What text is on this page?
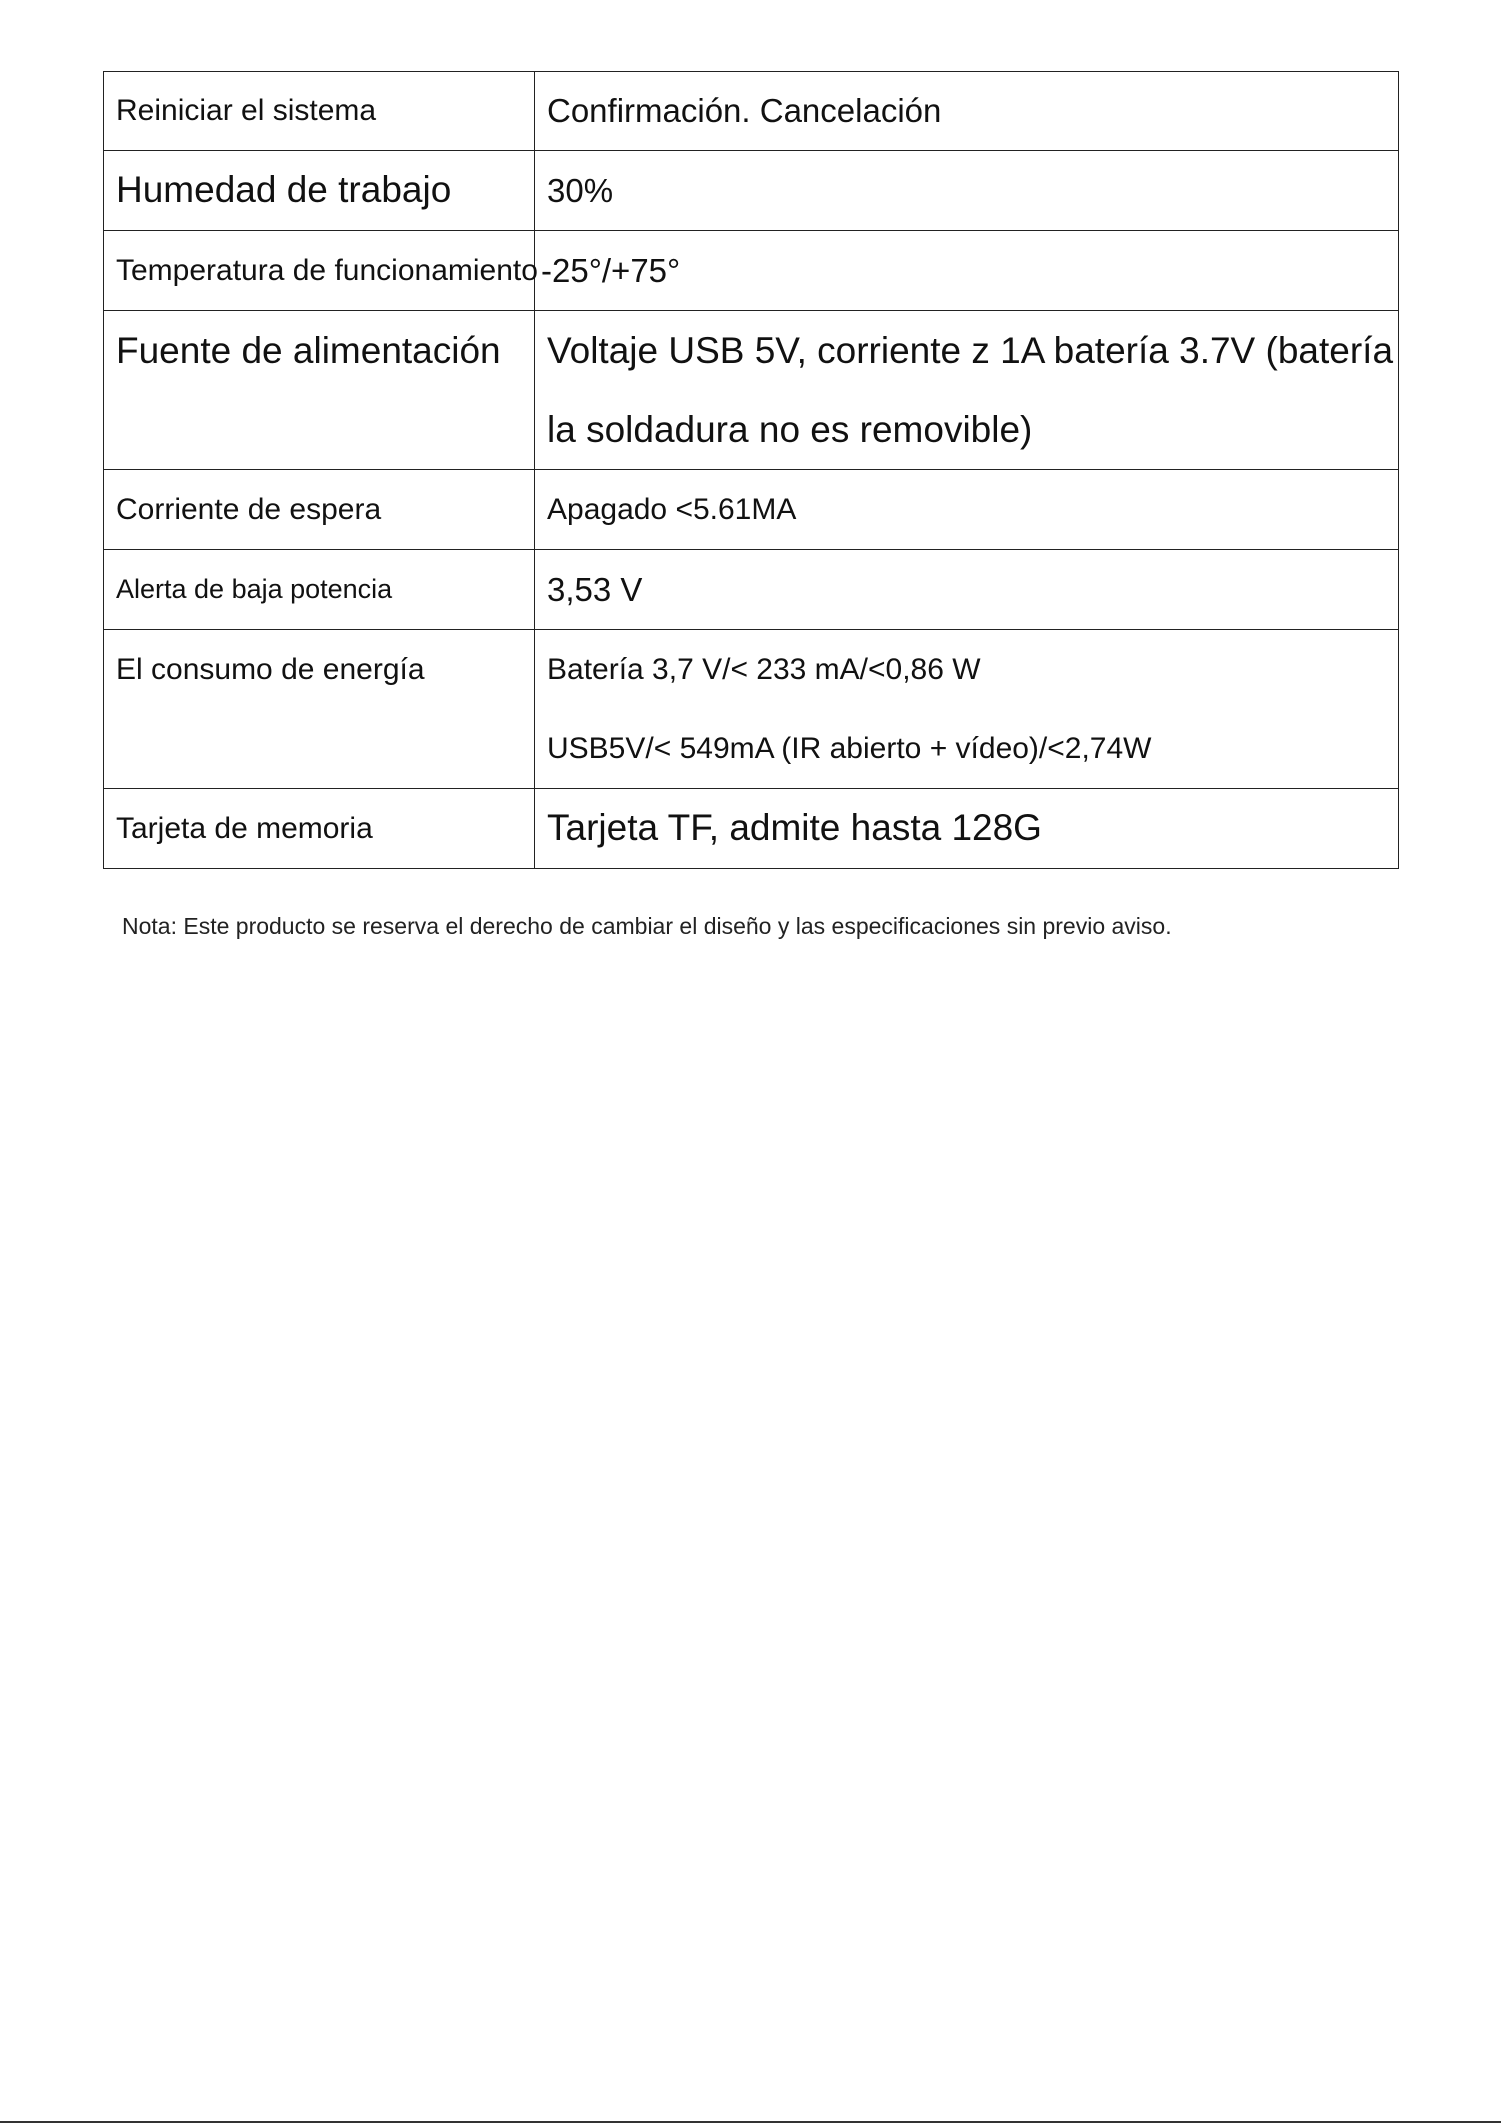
Reiniciar el sistema	Confirmación. Cancelación
Humedad de trabajo	30%
Temperatura de funcionamiento	-25°/+75°

Fuente de alimentación	Voltaje USB 5V, corriente z 1A batería 3.7V (batería
la soldadura no es removible)

Corriente de espera	Apagado <5.61MA
Alerta de baja potencia	3,53 V

El consumo de energía	Batería 3,7 V/< 233 mA/<0,86 W
USB5V/< 549mA (IR abierto + vídeo)/<2,74W

Tarjeta de memoria	Tarjeta TF, admite hasta 128G
Nota: Este producto se reserva el derecho de cambiar el diseño y las especificaciones sin previo aviso.
